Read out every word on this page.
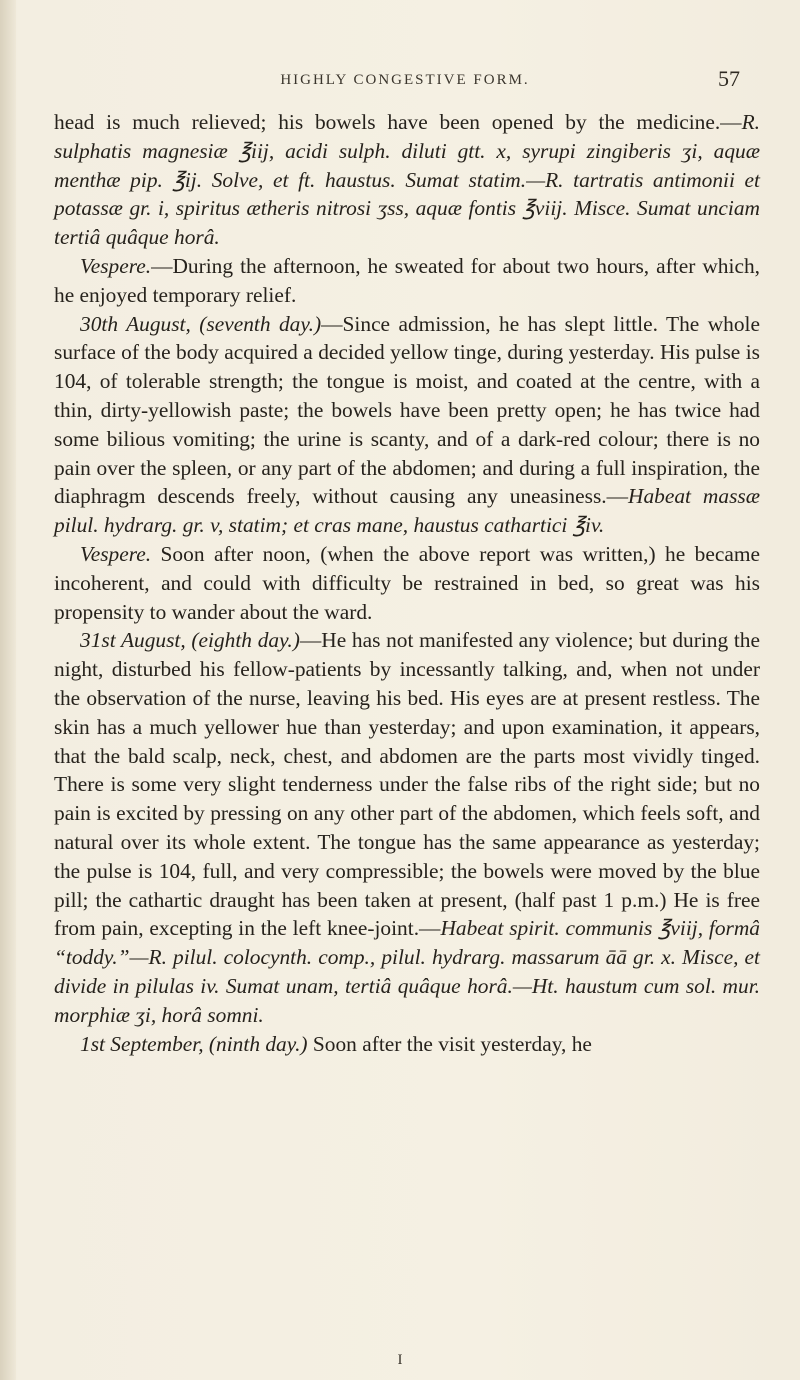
HIGHLY CONGESTIVE FORM.	57

head is much relieved; his bowels have been opened by the medicine.—R. sulphatis magnesiæ ℥iij, acidi sulph. diluti gtt. x, syrupi zingiberis ʒi, aquæ menthæ pip. ℥ij. Solve, et ft. haustus. Sumat statim.—R. tartratis antimonii et potassæ gr. i, spiritus ætheris nitrosi ʒss, aquæ fontis ℥viij. Misce. Sumat unciam tertiâ quâque horâ.

Vespere.—During the afternoon, he sweated for about two hours, after which, he enjoyed temporary relief.

30th August, (seventh day.)—Since admission, he has slept little. The whole surface of the body acquired a decided yellow tinge, during yesterday. His pulse is 104, of tolerable strength; the tongue is moist, and coated at the centre, with a thin, dirty-yellowish paste; the bowels have been pretty open; he has twice had some bilious vomiting; the urine is scanty, and of a dark-red colour; there is no pain over the spleen, or any part of the abdomen; and during a full inspiration, the diaphragm descends freely, without causing any uneasiness.—Habeat massæ pilul. hydrarg. gr. v, statim; et cras mane, haustus cathartici ℥iv.

Vespere. Soon after noon, (when the above report was written,) he became incoherent, and could with difficulty be restrained in bed, so great was his propensity to wander about the ward.

31st August, (eighth day.)—He has not manifested any violence; but during the night, disturbed his fellow-patients by incessantly talking, and, when not under the observation of the nurse, leaving his bed. His eyes are at present restless. The skin has a much yellower hue than yesterday; and upon examination, it appears, that the bald scalp, neck, chest, and abdomen are the parts most vividly tinged. There is some very slight tenderness under the false ribs of the right side; but no pain is excited by pressing on any other part of the abdomen, which feels soft, and natural over its whole extent. The tongue has the same appearance as yesterday; the pulse is 104, full, and very compressible; the bowels were moved by the blue pill; the cathartic draught has been taken at present, (half past 1 p.m.) He is free from pain, excepting in the left knee-joint.—Habeat spirit. communis ℥viij, formâ “toddy.”—R. pilul. colocynth. comp., pilul. hydrarg. massarum āā gr. x. Misce, et divide in pilulas iv. Sumat unam, tertiâ quâque horâ.—Ht. haustum cum sol. mur. morphiæ ʒi, horâ somni.

1st September, (ninth day.) Soon after the visit yesterday, he

I
